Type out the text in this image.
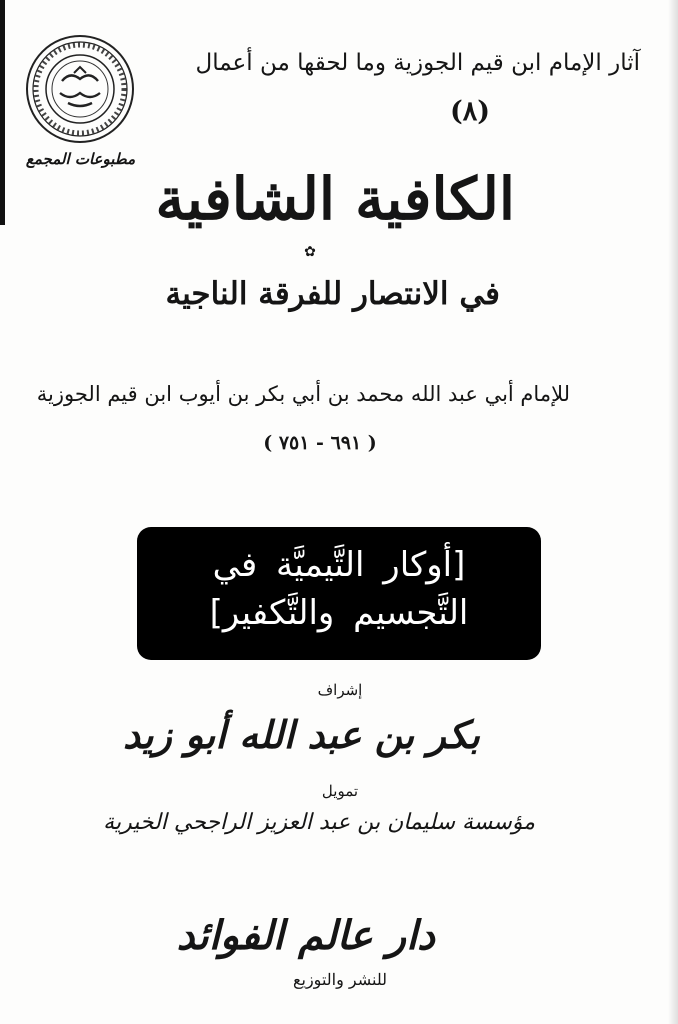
مطبوعات المجمع
آثار الإمام ابن قيم الجوزية وما لحقها من أعمال
(٨)
الكافية الشافية
✿
في الانتصار للفرقة الناجية
للإمام أبي عبد الله محمد بن أبي بكر بن أيوب ابن قيم الجوزية
( ٦٩١ - ٧٥١ )
[أوكار التَّيميَّة في
التَّجسيم والتَّكفير]
إشراف
بكر بن عبد الله أبو زيد
تمويل
مؤسسة سليمان بن عبد العزيز الراجحي الخيرية
دار عالم الفوائد
للنشر والتوزيع
